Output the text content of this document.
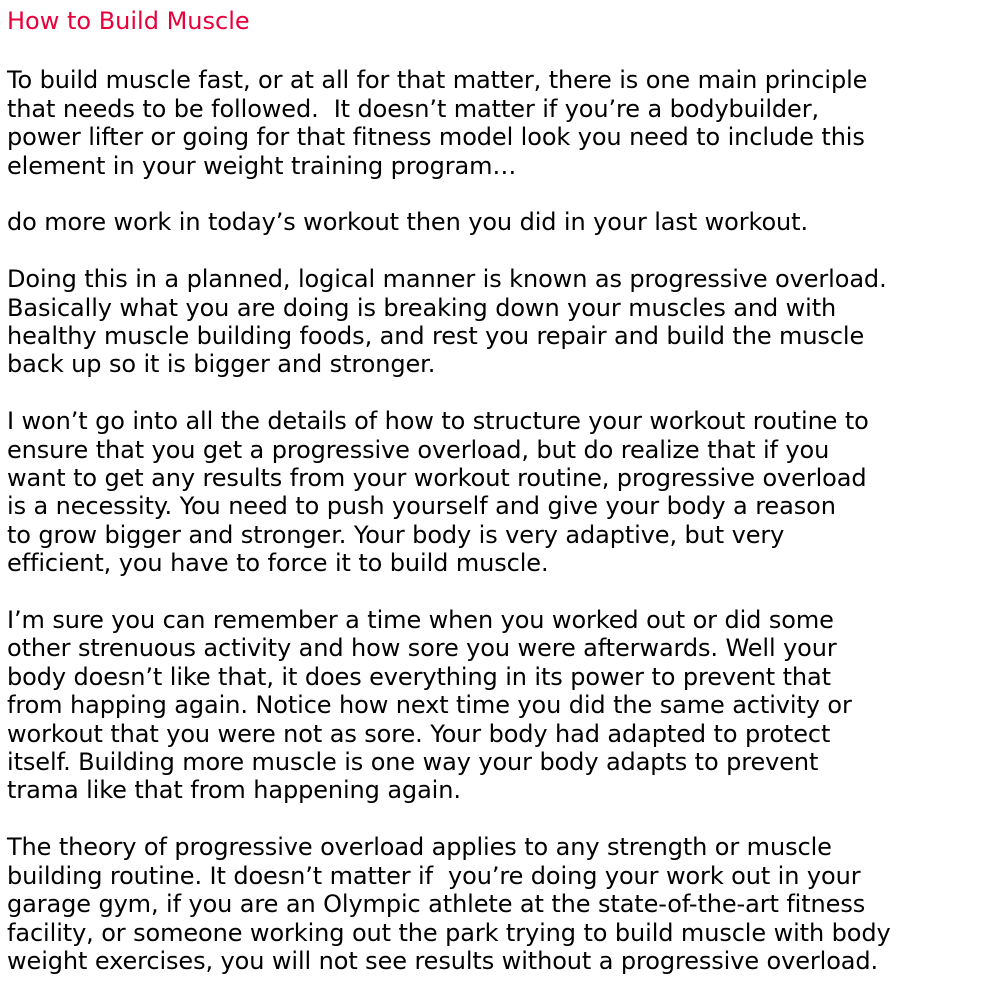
How to Build Muscle

To build muscle fast, or at all for that matter, there is one main principle
that needs to be followed.  It doesn’t matter if you’re a bodybuilder,
power lifter or going for that fitness model look you need to include this
element in your weight training program…

do more work in today’s workout then you did in your last workout.

Doing this in a planned, logical manner is known as progressive overload.
Basically what you are doing is breaking down your muscles and with
healthy muscle building foods, and rest you repair and build the muscle
back up so it is bigger and stronger.

I won’t go into all the details of how to structure your workout routine to
ensure that you get a progressive overload, but do realize that if you
want to get any results from your workout routine, progressive overload
is a necessity. You need to push yourself and give your body a reason
to grow bigger and stronger. Your body is very adaptive, but very
efficient, you have to force it to build muscle.

I’m sure you can remember a time when you worked out or did some
other strenuous activity and how sore you were afterwards. Well your
body doesn’t like that, it does everything in its power to prevent that
from happing again. Notice how next time you did the same activity or
workout that you were not as sore. Your body had adapted to protect
itself. Building more muscle is one way your body adapts to prevent
trama like that from happening again.

The theory of progressive overload applies to any strength or muscle
building routine. It doesn’t matter if  you’re doing your work out in your
garage gym, if you are an Olympic athlete at the state-of-the-art fitness
facility, or someone working out the park trying to build muscle with body
weight exercises, you will not see results without a progressive overload.
